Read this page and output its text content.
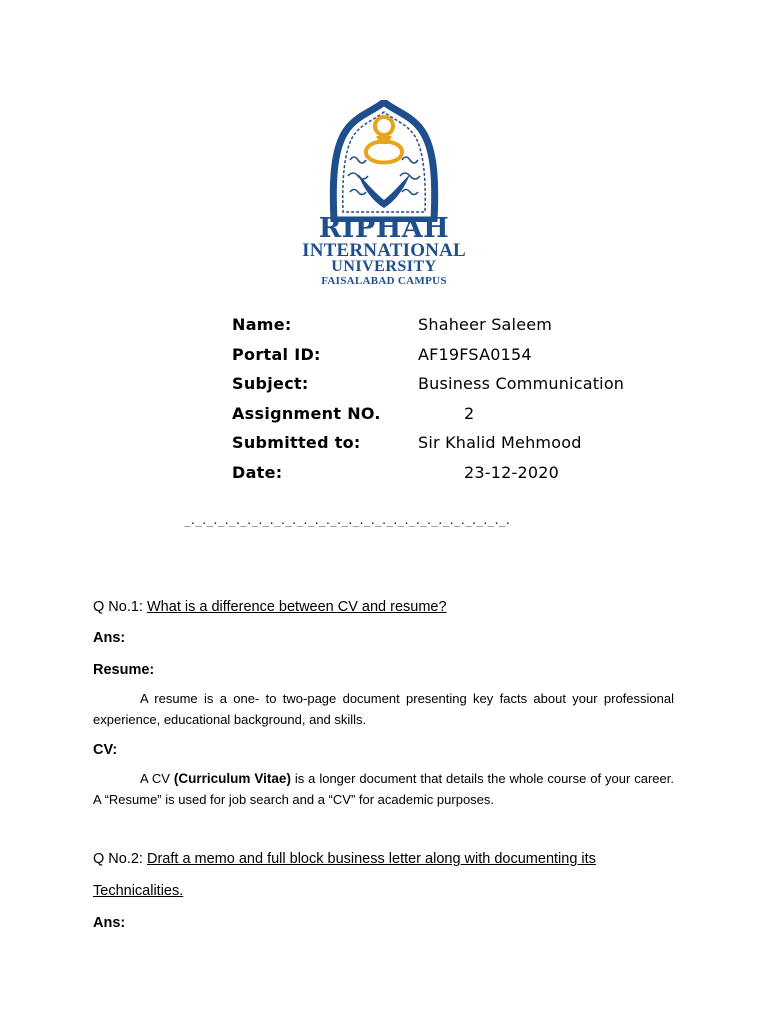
RIPHAH
INTERNATIONAL
UNIVERSITY
FAISALABAD CAMPUS
Name:	Shaheer Saleem
Portal ID:	AF19FSA0154
Subject:	Business Communication
Assignment NO.	2
Submitted to:	Sir Khalid Mehmood
Date:	23-12-2020
_._._._._._._._._._._._._._._._._._._._._._._._._._._._._.
Q No.1: What is a difference between CV and resume?
Ans:
Resume:
A resume is a one- to two-page document presenting key facts about your professional experience, educational background, and skills.
CV:
A CV (Curriculum Vitae) is a longer document that details the whole course of your career. A “Resume” is used for job search and a “CV” for academic purposes.
Q No.2: Draft a memo and full block business letter along with documenting its
Technicalities.
Ans:
